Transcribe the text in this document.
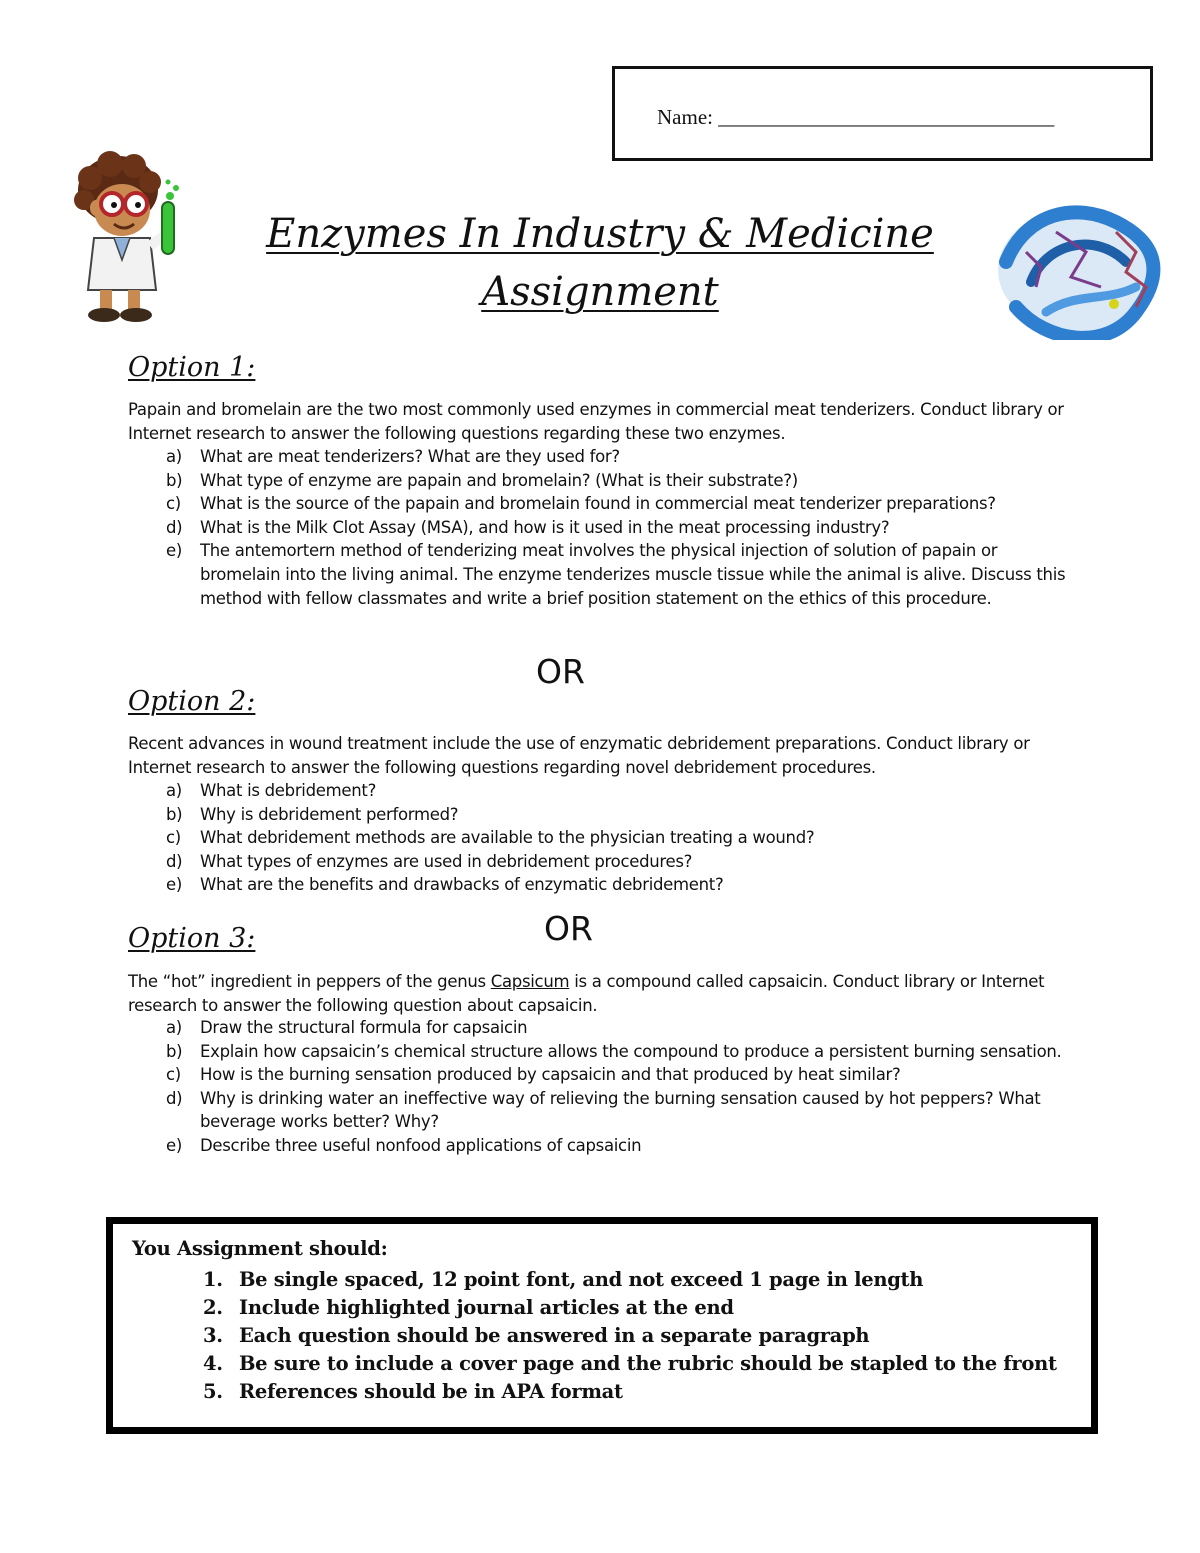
Name: ________________________________
Enzymes In Industry & Medicine
Assignment
Option 1:
Papain and bromelain are the two most commonly used enzymes in commercial meat tenderizers. Conduct library or Internet research to answer the following questions regarding these two enzymes.
a) What are meat tenderizers? What are they used for?
b) What type of enzyme are papain and bromelain? (What is their substrate?)
c) What is the source of the papain and bromelain found in commercial meat tenderizer preparations?
d) What is the Milk Clot Assay (MSA), and how is it used in the meat processing industry?
e) The antemortern method of tenderizing meat involves the physical injection of solution of papain or bromelain into the living animal. The enzyme tenderizes muscle tissue while the animal is alive. Discuss this method with fellow classmates and write a brief position statement on the ethics of this procedure.
OR
Option 2:
Recent advances in wound treatment include the use of enzymatic debridement preparations. Conduct library or Internet research to answer the following questions regarding novel debridement procedures.
a) What is debridement?
b) Why is debridement performed?
c) What debridement methods are available to the physician treating a wound?
d) What types of enzymes are used in debridement procedures?
e) What are the benefits and drawbacks of enzymatic debridement?
OR
Option 3:
The “hot” ingredient in peppers of the genus Capsicum is a compound called capsaicin. Conduct library or Internet research to answer the following question about capsaicin.
a) Draw the structural formula for capsaicin
b) Explain how capsaicin’s chemical structure allows the compound to produce a persistent burning sensation.
c) How is the burning sensation produced by capsaicin and that produced by heat similar?
d) Why is drinking water an ineffective way of relieving the burning sensation caused by hot peppers? What beverage works better? Why?
e) Describe three useful nonfood applications of capsaicin
You Assignment should:
1. Be single spaced, 12 point font, and not exceed 1 page in length
2. Include highlighted journal articles at the end
3. Each question should be answered in a separate paragraph
4. Be sure to include a cover page and the rubric should be stapled to the front
5. References should be in APA format
